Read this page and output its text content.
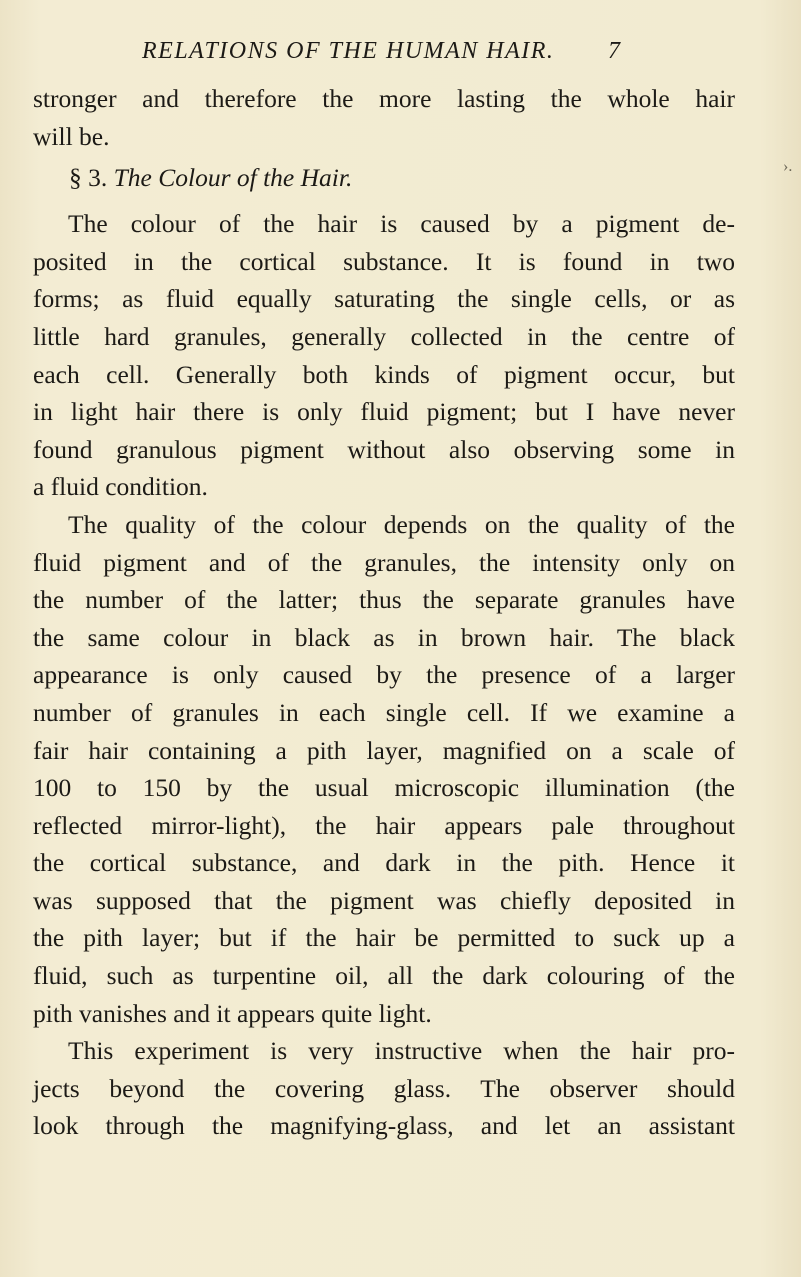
RELATIONS OF THE HUMAN HAIR. 7
›.
stronger and therefore the more lasting the whole hair
will be.
§ 3. The Colour of the Hair.
The colour of the hair is caused by a pigment de-
posited in the cortical substance. It is found in two
forms; as fluid equally saturating the single cells, or as
little hard granules, generally collected in the centre of
each cell. Generally both kinds of pigment occur, but
in light hair there is only fluid pigment; but I have never
found granulous pigment without also observing some in
a fluid condition.
The quality of the colour depends on the quality of the
fluid pigment and of the granules, the intensity only on
the number of the latter; thus the separate granules have
the same colour in black as in brown hair. The black
appearance is only caused by the presence of a larger
number of granules in each single cell. If we examine a
fair hair containing a pith layer, magnified on a scale of
100 to 150 by the usual microscopic illumination (the
reflected mirror-light), the hair appears pale throughout
the cortical substance, and dark in the pith. Hence it
was supposed that the pigment was chiefly deposited in
the pith layer; but if the hair be permitted to suck up a
fluid, such as turpentine oil, all the dark colouring of the
pith vanishes and it appears quite light.
This experiment is very instructive when the hair pro-
jects beyond the covering glass. The observer should
look through the magnifying-glass, and let an assistant
